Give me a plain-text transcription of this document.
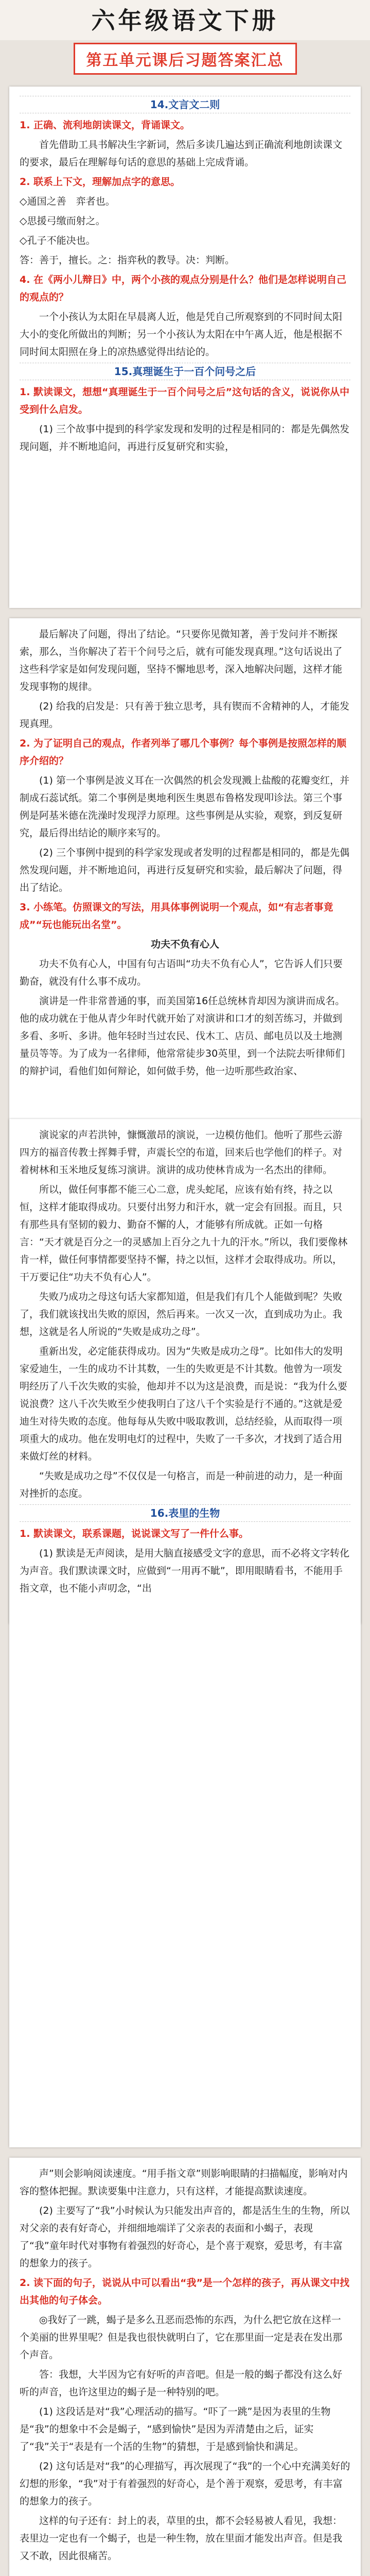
六年级语文下册
第五单元课后习题答案汇总
14.文言文二则

1. 正确、流利地朗读课文，背诵课文。

首先借助工具书解决生字新词，然后多读几遍达到正确流利地朗读课文的要求，最后在理解每句话的意思的基础上完成背诵。

2. 联系上下文，理解加点字的意思。

◇通国之善　弈者也。

◇思援弓缴而射之。

◇孔子不能决也。

答：善于，擅长。之：指弈秋的教导。决：判断。

4. 在《两小儿辩日》中，两个小孩的观点分别是什么？他们是怎样说明自己的观点的？

一个小孩认为太阳在早晨离人近，他是凭自己所观察到的不同时间太阳大小的变化所做出的判断；另一个小孩认为太阳在中午离人近，他是根据不同时间太阳照在身上的凉热感觉得出结论的。

15.真理诞生于一百个问号之后

1. 默读课文，想想“真理诞生于一百个问号之后”这句话的含义，说说你从中受到什么启发。

(1) 三个故事中提到的科学家发现和发明的过程是相同的：都是先偶然发现问题，并不断地追问，再进行反复研究和实验，

最后解决了问题，得出了结论。“只要你见微知著，善于发问并不断探索，那么，当你解决了若干个问号之后，就有可能发现真理。”这句话说出了这些科学家是如何发现问题，坚持不懈地思考，深入地解决问题，这样才能发现事物的规律。

(2) 给我的启发是：只有善于独立思考，具有锲而不舍精神的人，才能发现真理。

2. 为了证明自己的观点，作者列举了哪几个事例？每个事例是按照怎样的顺序介绍的？

(1) 第一个事例是波义耳在一次偶然的机会发现溅上盐酸的花瓣变红，并制成石蕊试纸。第二个事例是奥地利医生奥恩布鲁格发现叩诊法。第三个事例是阿基米德在洗澡时发现浮力原理。这些事例是从实验，观察，到反复研究，最后得出结论的顺序来写的。

(2) 三个事例中提到的科学家发现或者发明的过程都是相同的，都是先偶然发现问题，并不断地追问，再进行反复研究和实验，最后解决了问题，得出了结论。

3. 小练笔。仿照课文的写法，用具体事例说明一个观点，如“有志者事竟成”“玩也能玩出名堂”。

功夫不负有心人

功夫不负有心人，中国有句古语叫“功夫不负有心人”，它告诉人们只要勤奋，就没有什么事不成功。

演讲是一件非常普通的事，而美国第16任总统林肯却因为演讲而成名。他的成功就在于他从青少年时代就开始了对演讲和口才的刻苦练习，并做到多看、多听、多讲。他年轻时当过农民、伐木工、店员、邮电员以及土地测量员等等。为了成为一名律师，他常常徒步30英里，到一个法院去听律师们的辩护词，看他们如何辩论，如何做手势，他一边听那些政治家、

演说家的声若洪钟，慷慨激昂的演说，一边模仿他们。他听了那些云游四方的福音传教士挥舞手臂，声震长空的布道，回来后也学他们的样子。对着树林和玉米地反复练习演讲。演讲的成功使林肯成为一名杰出的律师。

所以，做任何事都不能三心二意，虎头蛇尾，应该有始有终，持之以恒，这样才能取得成功。只要付出努力和汗水，就一定会有回报。而且，只有那些具有坚韧的毅力、勤奋不懈的人，才能够有所成就。正如一句格言：“天才就是百分之一的灵感加上百分之九十九的汗水。”所以，我们要像林肯一样，做任何事情都要坚持不懈，持之以恒，这样才会取得成功。所以，干万要记住“功夫不负有心人”。

失败乃成功之母这句话大家都知道，但是我们有几个人能做到呢？失败了，我们就该找出失败的原因，然后再来。一次又一次，直到成功为止。我想，这就是名人所说的“失败是成功之母”。

重新出发，必定能获得成功。因为“失败是成功之母”。比如伟大的发明家爱迪生，一生的成功不计其数，一生的失败更是不计其数。他曾为一项发明经历了八千次失败的实验，他却并不以为这是浪费，而是说：“我为什么要说浪费？这八千次失败至少使我明白了这八千个实验是行不通的。”这就是爱迪生对待失败的态度。他每每从失败中吸取教训，总结经验，从而取得一项项重大的成功。他在发明电灯的过程中，失败了一千多次，才找到了适合用来做灯丝的材料。

“失败是成功之母”不仅仅是一句格言，而是一种前进的动力，是一种面对挫折的态度。

16.表里的生物

1. 默读课文，联系课题，说说课文写了一件什么事。

(1) 默读是无声阅读，是用大脑直接感受文字的意思，而不必将文字转化为声音。我们默读课文时，应做到“一用再不眦”，即用眼睛看书，不能用手指文章，也不能小声叨念，“出

声”则会影响阅读速度。“用手指文章”则影响眼睛的扫描幅度，影响对内容的整体把握。默读要集中注意力，只有这样，才能提高默读速度。

(2) 主要写了“我”小时候认为只能发出声音的，都是活生生的生物，所以对父亲的表有好奇心，并细细地端详了父亲表的表面和小蝎子，表现了“我”童年时代对事物有着强烈的好奇心，是个喜于观察，爱思考，有丰富的想象力的孩子。

2. 读下面的句子，说说从中可以看出“我”是一个怎样的孩子，再从课文中找出其他的句子体会。

◎我好了一跳，蝎子是多么丑恶而恐怖的东西，为什么把它放在这样一个美丽的世界里呢？但是我也很快就明白了，它在那里面一定是表在发出那个声音。

答：我想，大半因为它有好听的声音吧。但是一般的蝎子都没有这么好听的声音，也许这里边的蝎子是一种特别的吧。

(1) 这段话是对“我”心理活动的描写。“吓了一跳”是因为表里的生物是“我”的想象中不会是蝎子，“感到愉快”是因为弄清楚由之后，证实了“我”关于“表是有一个活的生物”的猜想，于是感到愉快和满足。

(2) 这句话是对“我”的心理描写，再次展现了“我”的一个心中充满美好的幻想的形象，“我”对于有着强烈的好奇心，是个善于观察，爱思考，有丰富的想象力的孩子。

这样的句子还有：封上的表，草里的虫，都不会轻易被人看见，我想：表里边一定也有一个蝎子，也是一种生物，放在里面才能发出声音。但是我又不敢，因此很痛苦。
